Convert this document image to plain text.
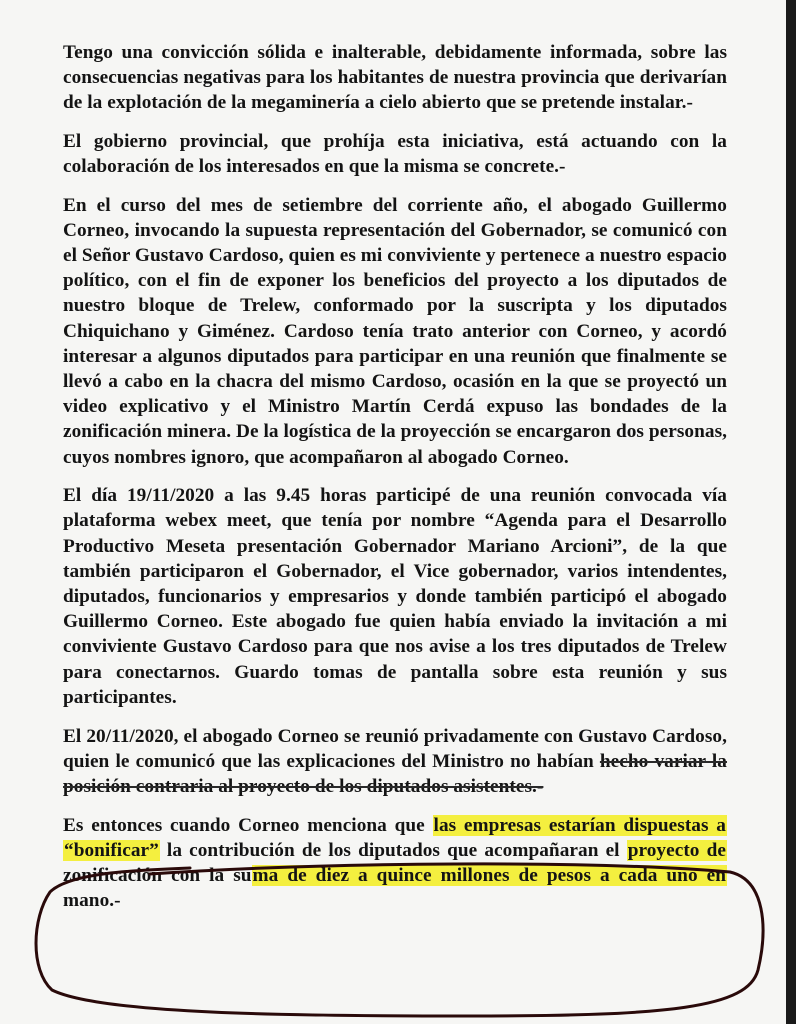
Tengo una convicción sólida e inalterable, debidamente informada, sobre las consecuencias negativas para los habitantes de nuestra provincia que derivarían de la explotación de la megaminería a cielo abierto que se pretende instalar.-

El gobierno provincial, que prohíja esta iniciativa, está actuando con la colaboración de los interesados en que la misma se concrete.-

En el curso del mes de setiembre del corriente año, el abogado Guillermo Corneo, invocando la supuesta representación del Gobernador, se comunicó con el Señor Gustavo Cardoso, quien es mi conviviente y pertenece a nuestro espacio político, con el fin de exponer los beneficios del proyecto a los diputados de nuestro bloque de Trelew, conformado por la suscripta y los diputados Chiquichano y Giménez. Cardoso tenía trato anterior con Corneo, y acordó interesar a algunos diputados para participar en una reunión que finalmente se llevó a cabo en la chacra del mismo Cardoso, ocasión en la que se proyectó un video explicativo y el Ministro Martín Cerdá expuso las bondades de la zonificación minera. De la logística de la proyección se encargaron dos personas, cuyos nombres ignoro, que acompañaron al abogado Corneo.

El día 19/11/2020 a las 9.45 horas participé de una reunión convocada vía plataforma webex meet, que tenía por nombre “Agenda para el Desarrollo Productivo Meseta presentación Gobernador Mariano Arcioni”, de la que también participaron el Gobernador, el Vice gobernador, varios intendentes, diputados, funcionarios y empresarios y donde también participó el abogado Guillermo Corneo. Este abogado fue quien había enviado la invitación a mi conviviente Gustavo Cardoso para que nos avise a los tres diputados de Trelew para conectarnos. Guardo tomas de pantalla sobre esta reunión y sus participantes.

El 20/11/2020, el abogado Corneo se reunió privadamente con Gustavo Cardoso, quien le comunicó que las explicaciones del Ministro no habían hecho variar la posición contraria al proyecto de los diputados asistentes.-

Es entonces cuando Corneo menciona que las empresas estarían dispuestas a “bonificar” la contribución de los diputados que acompañaran el proyecto de zonificación con la suma de diez a quince millones de pesos a cada uno en mano.-
